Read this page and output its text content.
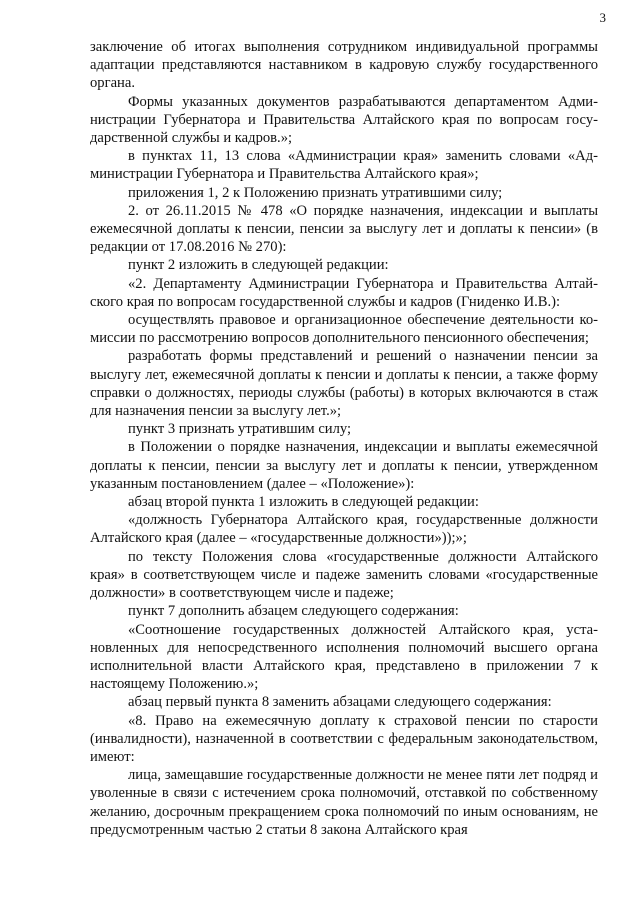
3

заключение об итогах выполнения сотрудником индивидуальной программы адаптации представляются наставником в кадровую службу государственного органа.

Формы указанных документов разрабатываются департаментом Администрации Губернатора и Правительства Алтайского края по вопросам государственной службы и кадров.»;

в пунктах 11, 13 слова «Администрации края» заменить словами «Администрации Губернатора и Правительства Алтайского края»;

приложения 1, 2 к Положению признать утратившими силу;

2. от 26.11.2015 № 478 «О порядке назначения, индексации и выплаты ежемесячной доплаты к пенсии, пенсии за выслугу лет и доплаты к пенсии» (в редакции от 17.08.2016 № 270):

пункт 2 изложить в следующей редакции:

«2. Департаменту Администрации Губернатора и Правительства Алтайского края по вопросам государственной службы и кадров (Гниденко И.В.):

осуществлять правовое и организационное обеспечение деятельности комиссии по рассмотрению вопросов дополнительного пенсионного обеспечения;

разработать формы представлений и решений о назначении пенсии за выслугу лет, ежемесячной доплаты к пенсии и доплаты к пенсии, а также форму справки о должностях, периоды службы (работы) в которых включаются в стаж для назначения пенсии за выслугу лет.»;

пункт 3 признать утратившим силу;

в Положении о порядке назначения, индексации и выплаты ежемесячной доплаты к пенсии, пенсии за выслугу лет и доплаты к пенсии, утвержденном указанным постановлением (далее – «Положение»):

абзац второй пункта 1 изложить в следующей редакции:

«должность Губернатора Алтайского края, государственные должности Алтайского края (далее – «государственные должности»));»;

по тексту Положения слова «государственные должности Алтайского края» в соответствующем числе и падеже заменить словами «государственные должности» в соответствующем числе и падеже;

пункт 7 дополнить абзацем следующего содержания:

«Соотношение государственных должностей Алтайского края, установленных для непосредственного исполнения полномочий высшего органа исполнительной власти Алтайского края, представлено в приложении 7 к настоящему Положению.»;

абзац первый пункта 8 заменить абзацами следующего содержания:

«8. Право на ежемесячную доплату к страховой пенсии по старости (инвалидности), назначенной в соответствии с федеральным законодательством, имеют:

лица, замещавшие государственные должности не менее пяти лет подряд и уволенные в связи с истечением срока полномочий, отставкой по собственному желанию, досрочным прекращением срока полномочий по иным основаниям, не предусмотренным частью 2 статьи 8 закона Алтайского края
